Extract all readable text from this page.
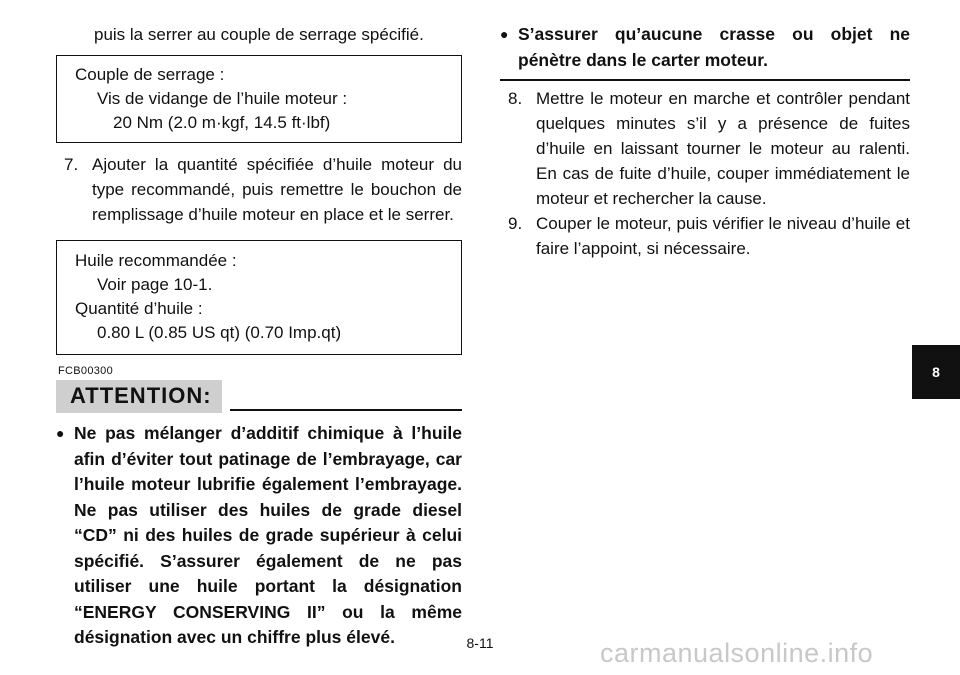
puis la serrer au couple de serrage spécifié.
Couple de serrage :
Vis de vidange de l’huile moteur :
20 Nm (2.0 m·kgf, 14.5 ft·lbf)
7. Ajouter la quantité spécifiée d’huile moteur du type recommandé, puis remettre le bouchon de remplissage d’huile moteur en place et le serrer.
Huile recommandée :
Voir page 10-1.
Quantité d’huile :
0.80 L (0.85 US qt) (0.70 Imp.qt)
FCB00300
ATTENTION:
● Ne pas mélanger d’additif chimique à l’huile afin d’éviter tout patinage de l’embrayage, car l’huile moteur lubrifie également l’embrayage. Ne pas utiliser des huiles de grade diesel “CD” ni des huiles de grade supérieur à celui spécifié. S’assurer également de ne pas utiliser une huile portant la désignation “ENERGY CONSERVING II” ou la même désignation avec un chiffre plus élevé.
● S’assurer qu’aucune crasse ou objet ne pénètre dans le carter moteur.
8. Mettre le moteur en marche et contrôler pendant quelques minutes s’il y a présence de fuites d’huile en laissant tourner le moteur au ralenti. En cas de fuite d’huile, couper immédiatement le moteur et rechercher la cause.
9. Couper le moteur, puis vérifier le niveau d’huile et faire l’appoint, si nécessaire.
8
8-11	carmanualsonline.info
